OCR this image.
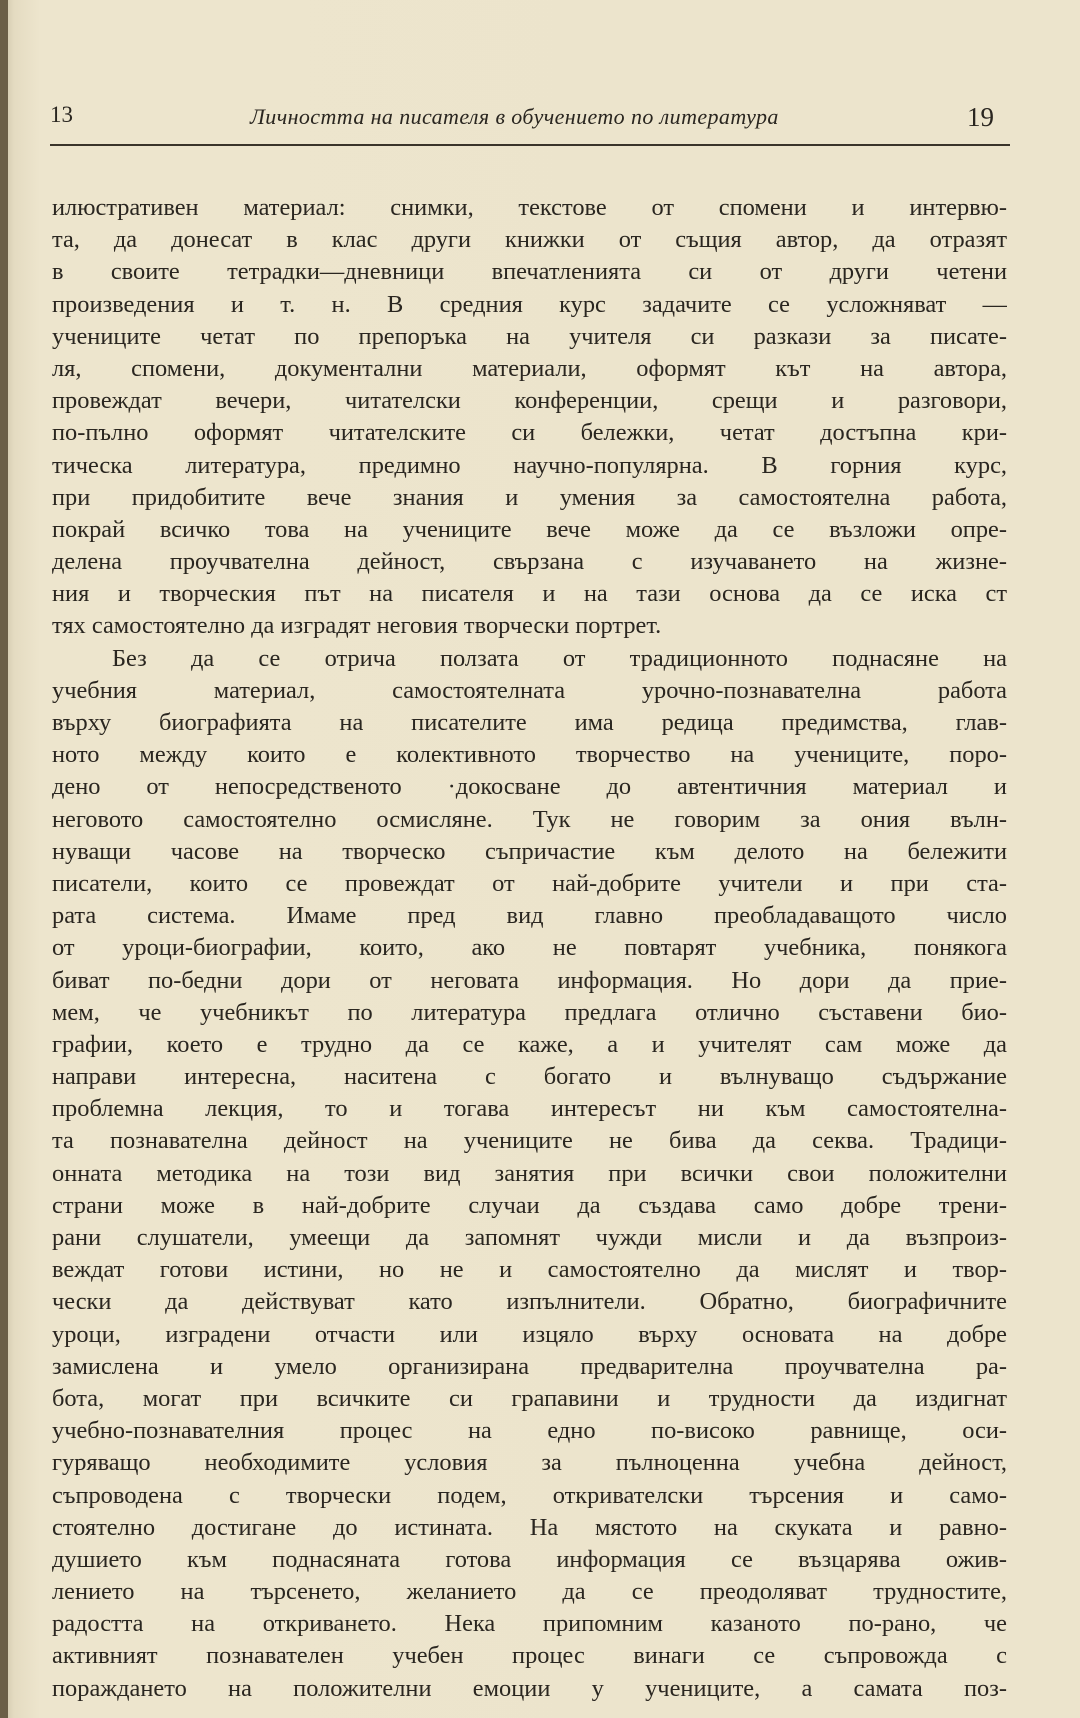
13	Личността на писателя в обучението по литература	19
илюстративен материал: снимки, текстове от спомени и интервю-
та, да донесат в клас други книжки от същия автор, да отразят
в своите тетрадки—дневници впечатленията си от други четени
произведения и т. н. В средния курс задачите се усложняват —
учениците четат по препоръка на учителя си разкази за писате-
ля, спомени, документални материали, оформят кът на автора,
провеждат вечери, читателски конференции, срещи и разговори,
по-пълно оформят читателските си бележки, четат достъпна кри-
тическа литература, предимно научно-популярна. В горния курс,
при придобитите вече знания и умения за самостоятелна работа,
покрай всичко това на учениците вече може да се възложи опре-
делена проучвателна дейност, свързана с изучаването на жизне-
ния и творческия път на писателя и на тази основа да се иска ст
тях самостоятелно да изградят неговия творчески портрет.
Без да се отрича ползата от традиционното поднасяне на
учебния материал, самостоятелната урочно-познавателна работа
върху биографията на писателите има редица предимства, глав-
ното между които е колективното творчество на учениците, поро-
дено от непосредственото ·докосване до автентичния материал и
неговото самостоятелно осмисляне. Тук не говорим за ония вълн-
нуващи часове на творческо съпричастие към делото на бележити
писатели, които се провеждат от най-добрите учители и при ста-
рата система. Имаме пред вид главно преобладаващото число
от уроци-биографии, които, ако не повтарят учебника, понякога
биват по-бедни дори от неговата информация. Но дори да прие-
мем, че учебникът по литература предлага отлично съставени био-
графии, което е трудно да се каже, а и учителят сам може да
направи интересна, наситена с богато и вълнуващо съдържание
проблемна лекция, то и тогава интересът ни към самостоятелна-
та познавателна дейност на учениците не бива да секва. Традици-
онната методика на този вид занятия при всички свои положителни
страни може в най-добрите случаи да създава само добре трени-
рани слушатели, умеещи да запомнят чужди мисли и да възпроиз-
веждат готови истини, но не и самостоятелно да мислят и твор-
чески да действуват като изпълнители. Обратно, биографичните
уроци, изградени отчасти или изцяло върху основата на добре
замислена и умело организирана предварителна проучвателна ра-
бота, могат при всичките си грапавини и трудности да издигнат
учебно-познавателния процес на едно по-високо равнище, оси-
гуряващо необходимите условия за пълноценна учебна дейност,
съпроводена с творчески подем, откривателски търсения и само-
стоятелно достигане до истината. На мястото на скуката и равно-
душието към поднасяната готова информация се възцарява ожив-
лението на търсенето, желанието да се преодоляват трудностите,
радостта на откриването. Нека припомним казаното по-рано, че
активният познавателен учебен процес винаги се съпровожда с
пораждането на положителни емоции у учениците, а самата поз-
